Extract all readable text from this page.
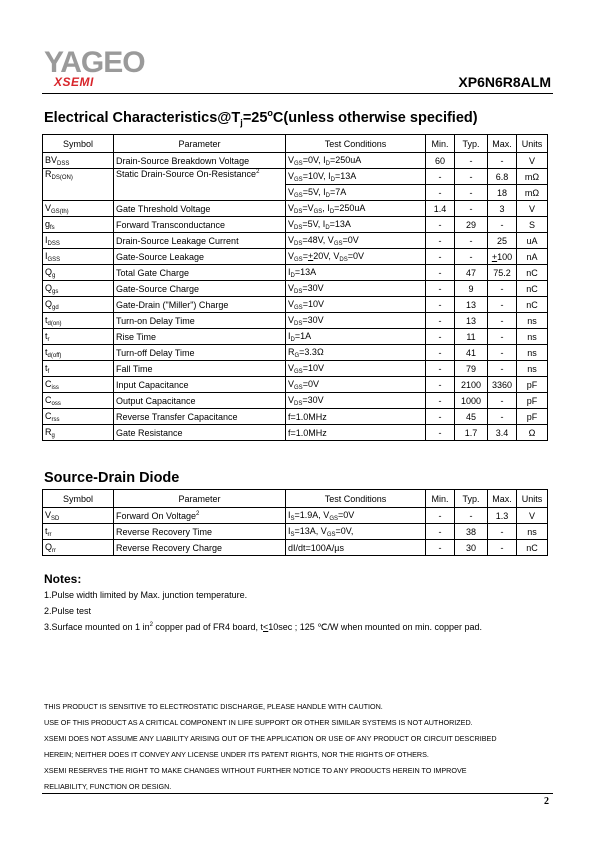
YAGEO
XSEMI	XP6N6R8ALM
Electrical $Characteristics@T_j=25^oC(unless$ otherwise specified)
Symbol	Parameter	Test Conditions	Min.	Typ.	Max.	Units
$BV_{DSS}$	Drain-Source Breakdown Voltage	$V_{GS}=0V$, $I_D=250uA$	60	-	-	V
$R_{DS(ON)}$	Static Drain-Source On-Resistance$^2$	$V_{GS}=10V$, $I_D=13A$	-	-	6.8	mΩ
		$V_{GS}=5V$, $I_D=7A$	-	-	18	mΩ
$V_{GS(th)}$	Gate Threshold Voltage	$V_{DS}=V_{GS}$, $I_D=250uA$	1.4	-	3	V
$g_{fs}$	Forward Transconductance	$V_{DS}=5V$, $I_D=13A$	-	29	-	S
$I_{DSS}$	Drain-Source Leakage Current	$V_{DS}=48V$, $V_{GS}=0V$	-	-	25	uA
$I_{GSS}$	Gate-Source Leakage	$V_{GS}=+20V$, $V_{DS}=0V$	-	-	+100	nA
$Q_g$	Total Gate Charge	$I_D=13A$	-	47	75.2	nC
$Q_{gs}$	Gate-Source Charge	$V_{DS}=30V$	-	9	-	nC
$Q_{gd}$	Gate-Drain ("Miller") Charge	$V_{GS}=10V$	-	13	-	nC
$t_{d(on)}$	Turn-on Delay Time	$V_{DS}=30V$	-	13	-	ns
$t_r$	Rise Time	$I_D=1A$	-	11	-	ns
$t_{d(off)}$	Turn-off Delay Time	$R_G=3.3\Omega$	-	41	-	ns
$t_f$	Fall Time	$V_{GS}=10V$	-	79	-	ns
$C_{iss}$	Input Capacitance	$V_{GS}=0V$	-	2100	3360	pF
$C_{oss}$	Output Capacitance	$V_{DS}=30V$	-	1000	-	pF
$C_{rss}$	Reverse Transfer Capacitance	f=1.0MHz	-	45	-	pF
$R_g$	Gate Resistance	f=1.0MHz	-	1.7	3.4	Ω
Source-Drain Diode
Symbol	Parameter	Test Conditions	Min.	Typ.	Max.	Units
$V_{SD}$	Forward On Voltage$^2$	$I_S=1.9A$, $V_{GS}=0V$	-	-	1.3	V
$t_{rr}$	Reverse Recovery Time	$I_S=13A$, $V_{GS}=0V$,	-	38	-	ns
$Q_{rr}$	Reverse Recovery Charge	dI/dt=100A/µs	-	30	-	nC
Notes:
1.Pulse width limited by Max. junction temperature.
2.Pulse test
3.Surface mounted on 1 $in^2$ copper pad of FR4 board, t<10sec ; 125 ℃/W when mounted on min. copper pad.
THIS PRODUCT IS SENSITIVE TO ELECTROSTATIC DISCHARGE, PLEASE HANDLE WITH CAUTION.
USE OF THIS PRODUCT AS A CRITICAL COMPONENT IN LIFE SUPPORT OR OTHER SIMILAR SYSTEMS IS NOT AUTHORIZED.
XSEMI DOES NOT ASSUME ANY LIABILITY ARISING OUT OF THE APPLICATION OR USE OF ANY PRODUCT OR CIRCUIT DESCRIBED
HEREIN; NEITHER DOES IT CONVEY ANY LICENSE UNDER ITS PATENT RIGHTS, NOR THE RIGHTS OF OTHERS.
XSEMI RESERVES THE RIGHT TO MAKE CHANGES WITHOUT FURTHER NOTICE TO ANY PRODUCTS HEREIN TO IMPROVE
RELIABILITY, FUNCTION OR DESIGN.
2
